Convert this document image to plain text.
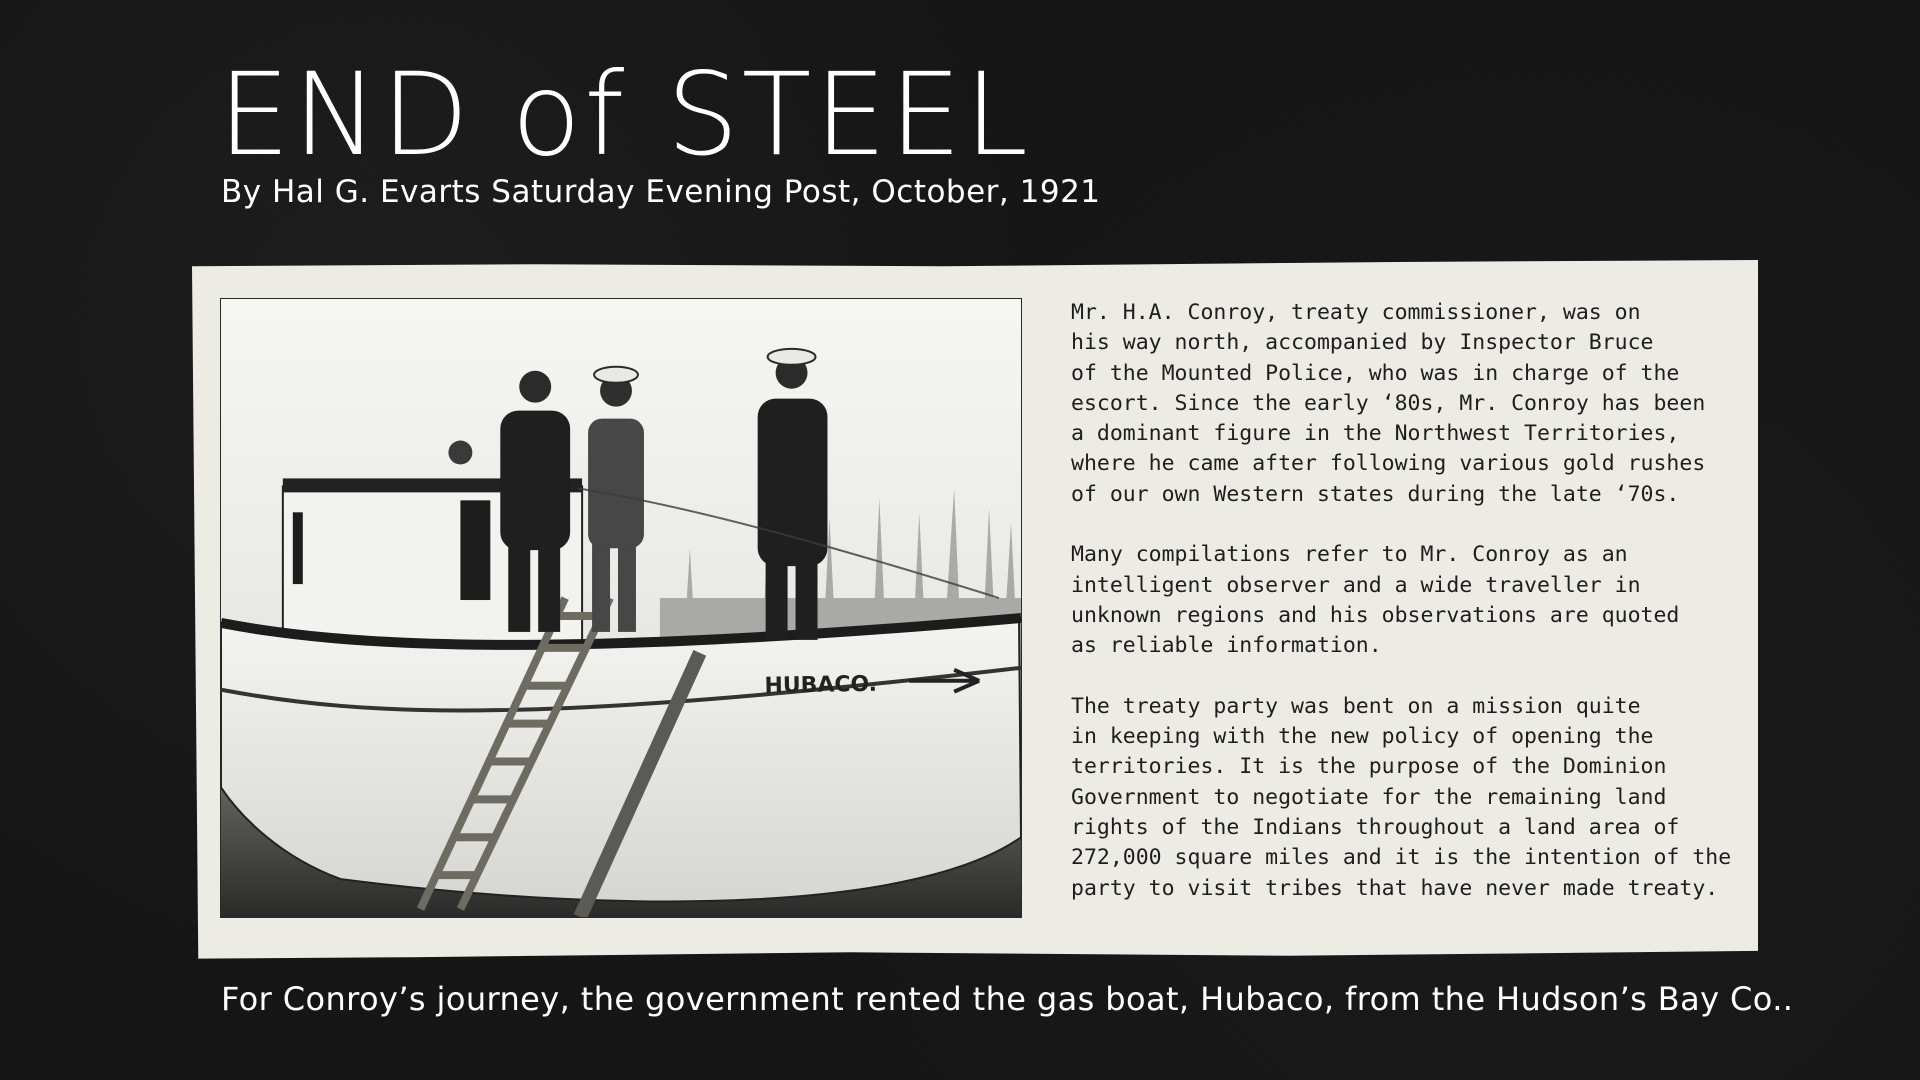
END of STEEL

By Hal G. Evarts Saturday Evening Post, October, 1921

HUBACO.

Mr. H.A. Conroy, treaty commissioner, was on
his way north, accompanied by Inspector Bruce
of the Mounted Police, who was in charge of the
escort. Since the early ‘80s, Mr. Conroy has been
a dominant figure in the Northwest Territories,
where he came after following various gold rushes
of our own Western states during the late ‘70s.

Many compilations refer to Mr. Conroy as an
intelligent observer and a wide traveller in
unknown regions and his observations are quoted
as reliable information.

The treaty party was bent on a mission quite
in keeping with the new policy of opening the
territories. It is the purpose of the Dominion
Government to negotiate for the remaining land
rights of the Indians throughout a land area of
272,000 square miles and it is the intention of the
party to visit tribes that have never made treaty.

For Conroy’s journey, the government rented the gas boat, Hubaco, from the Hudson’s Bay Co..
